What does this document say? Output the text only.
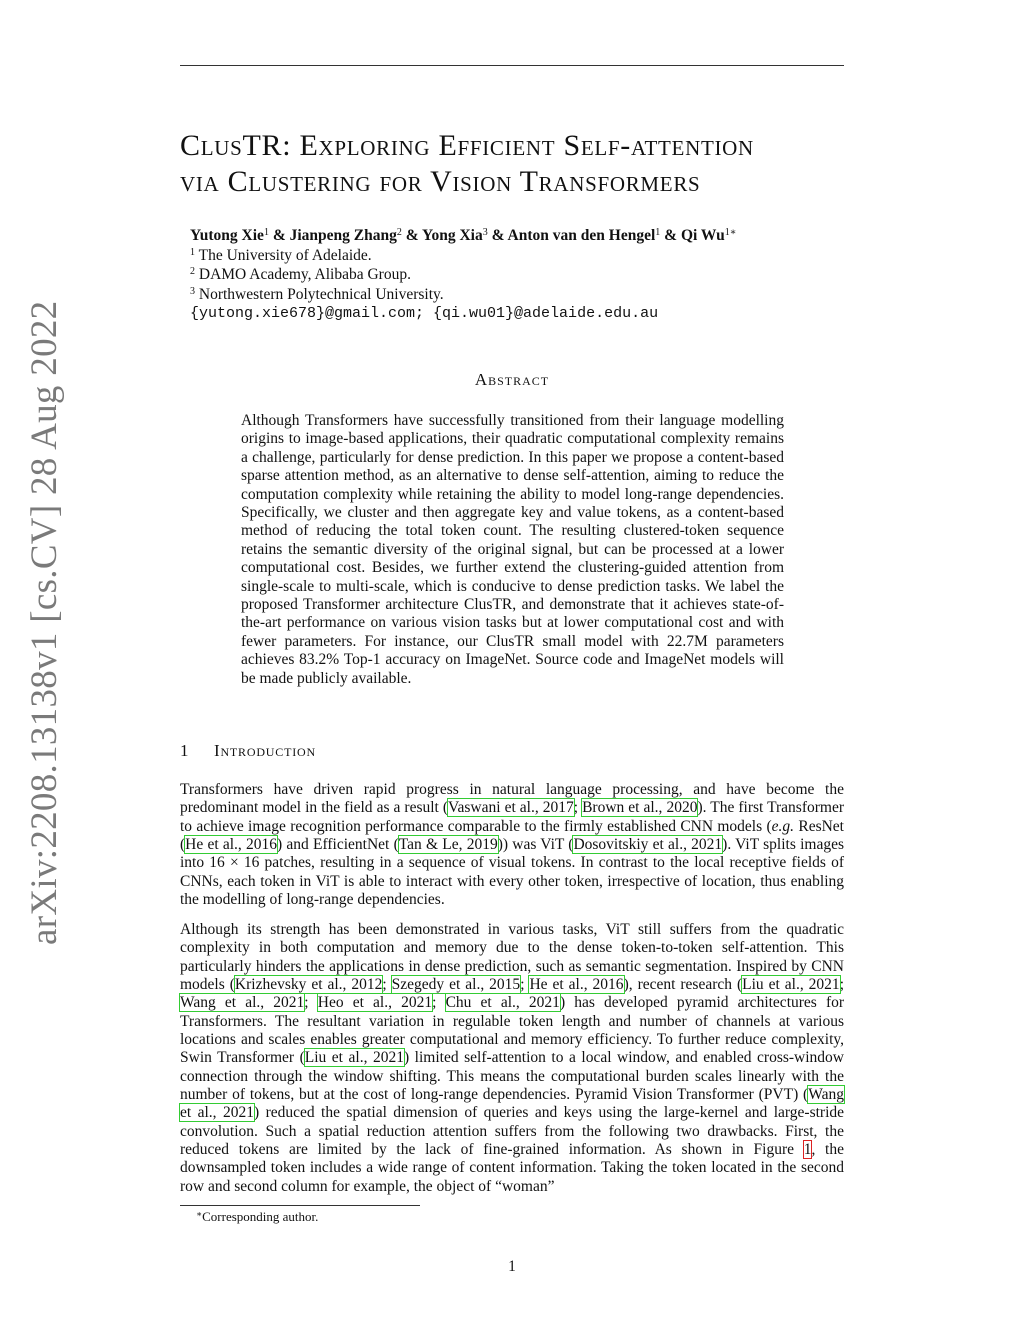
arXiv:2208.13138v1 [cs.CV] 28 Aug 2022
ClusTR: Exploring Efficient Self-attention
via Clustering for Vision Transformers
Yutong Xie$^1$ & Jianpeng Zhang$^2$ & Yong Xia$^3$ & Anton van den Hengel$^1$ & Qi $Wu^{1∗}$
$^1$ The University of Adelaide.
$^2$ DAMO Academy, Alibaba Group.
$^3$ Northwestern Polytechnical University.
{yutong.xie678}@gmail.com; {qi.wu01}@adelaide.edu.au
Abstract
Although Transformers have successfully transitioned from their language modelling origins to image-based applications, their quadratic computational complexity remains a challenge, particularly for dense prediction. In this paper we propose a content-based sparse attention method, as an alternative to dense self-attention, aiming to reduce the computation complexity while retaining the ability to model long-range dependencies. Specifically, we cluster and then aggregate key and value tokens, as a content-based method of reducing the total token count. The resulting clustered-token sequence retains the semantic diversity of the original signal, but can be processed at a lower computational cost. Besides, we further extend the clustering-guided attention from single-scale to multi-scale, which is conducive to dense prediction tasks. We label the proposed Transformer architecture ClusTR, and demonstrate that it achieves state-of-the-art performance on various vision tasks but at lower computational cost and with fewer parameters. For instance, our ClusTR small model with 22.7M parameters achieves 83.2% Top-1 accuracy on ImageNet. Source code and ImageNet models will be made publicly available.
1 Introduction
Transformers have driven rapid progress in natural language processing, and have become the predominant model in the field as a result (Vaswani et al., 2017; Brown et al., 2020). The first Transformer to achieve image recognition performance comparable to the firmly established CNN models (e.g. ResNet (He et al., 2016) and EfficientNet (Tan & Le, 2019)) was ViT (Dosovitskiy et al., 2021). ViT splits images into 16 × 16 patches, resulting in a sequence of visual tokens. In contrast to the local receptive fields of CNNs, each token in ViT is able to interact with every other token, irrespective of location, thus enabling the modelling of long-range dependencies.
Although its strength has been demonstrated in various tasks, ViT still suffers from the quadratic complexity in both computation and memory due to the dense token-to-token self-attention. This particularly hinders the applications in dense prediction, such as semantic segmentation. Inspired by CNN models (Krizhevsky et al., 2012; Szegedy et al., 2015; He et al., 2016), recent research (Liu et al., 2021; Wang et al., 2021; Heo et al., 2021; Chu et al., 2021) has developed pyramid architectures for Transformers. The resultant variation in regulable token length and number of channels at various locations and scales enables greater computational and memory efficiency. To further reduce complexity, Swin Transformer (Liu et al., 2021) limited self-attention to a local window, and enabled cross-window connection through the window shifting. This means the computational burden scales linearly with the number of tokens, but at the cost of long-range dependencies. Pyramid Vision Transformer (PVT) (Wang et al., 2021) reduced the spatial dimension of queries and keys using the large-kernel and large-stride convolution. Such a spatial reduction attention suffers from the following two drawbacks. First, the reduced tokens are limited by the lack of fine-grained information. As shown in Figure 1, the downsampled token includes a wide range of content information. Taking the token located in the second row and second column for example, the object of “woman”
∗Corresponding author.
1
